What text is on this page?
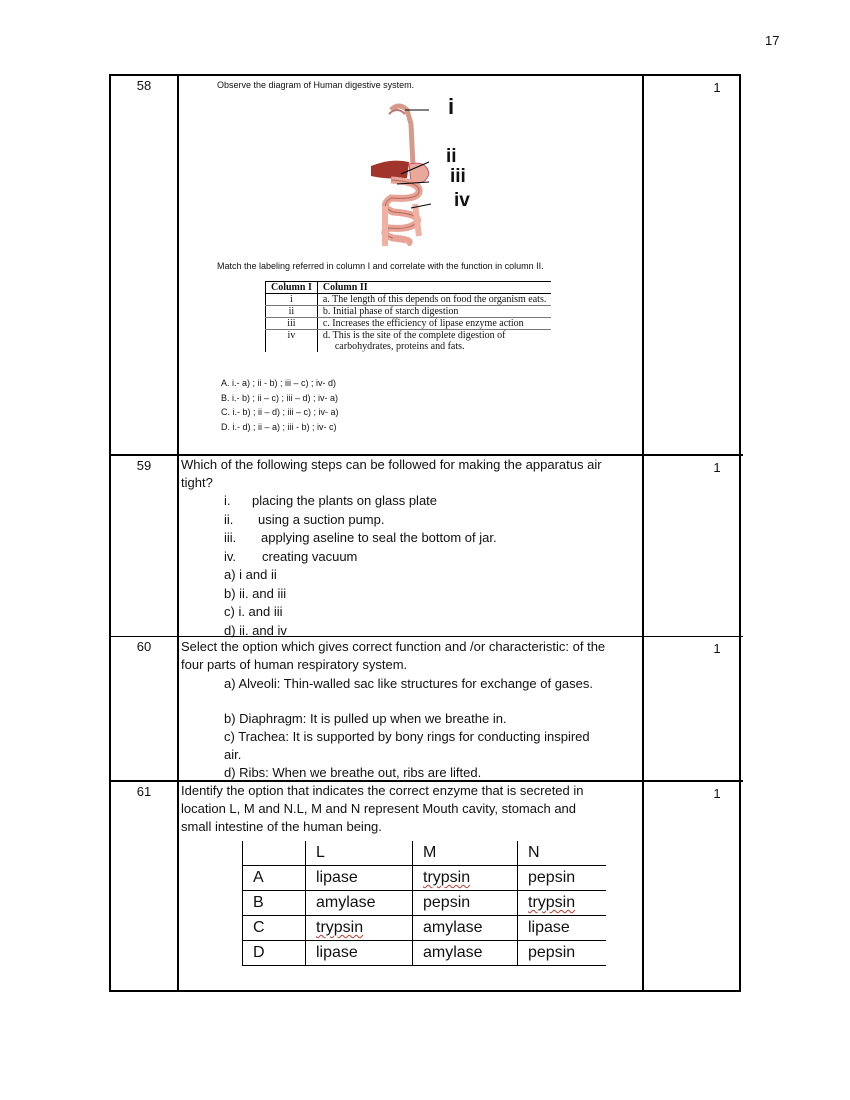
17
58	1
Observe the diagram of Human digestive system.
i
ii
iii
iv
Match the labeling referred in column I and correlate with the function in column II.
Column I	Column II
i	a. The length of this depends on food the organism eats.
ii	b. Initial phase of starch digestion
iii	c. Increases the efficiency of lipase enzyme action
iv	d. This is the site of the complete digestion of
carbohydrates, proteins and fats.
A. i.- a) ; ii - b) ; iii – c) ; iv- d)
B. i.- b) ; ii – c) ; iii – d) ; iv- a)
C. i.- b) ; ii – d) ; iii – c) ; iv- a)
D. i.- d) ; ii – a) ; iii - b) ; iv- c)
59	1
Which of the following steps can be followed for making the apparatus air
tight?
i. placing the plants on glass plate
ii. using a suction pump.
iii. applying aseline to seal the bottom of jar.
iv. creating vacuum
a) i and ii
b) ii. and iii
c) i. and iii
d) ii. and iv
60	1
Select the option which gives correct function and /or characteristic: of the
four parts of human respiratory system.
a) Alveoli: Thin-walled sac like structures for exchange of gases.
b) Diaphragm: It is pulled up when we breathe in.
c) Trachea: It is supported by bony rings for conducting inspired
air.
d) Ribs: When we breathe out, ribs are lifted.
61	1
Identify the option that indicates the correct enzyme that is secreted in
location L, M and N.L, M and N represent Mouth cavity, stomach and
small intestine of the human being.
	L	M	N
A	lipase	trypsin	pepsin
B	amylase	pepsin	trypsin
C	trypsin	amylase	lipase
D	lipase	amylase	pepsin
